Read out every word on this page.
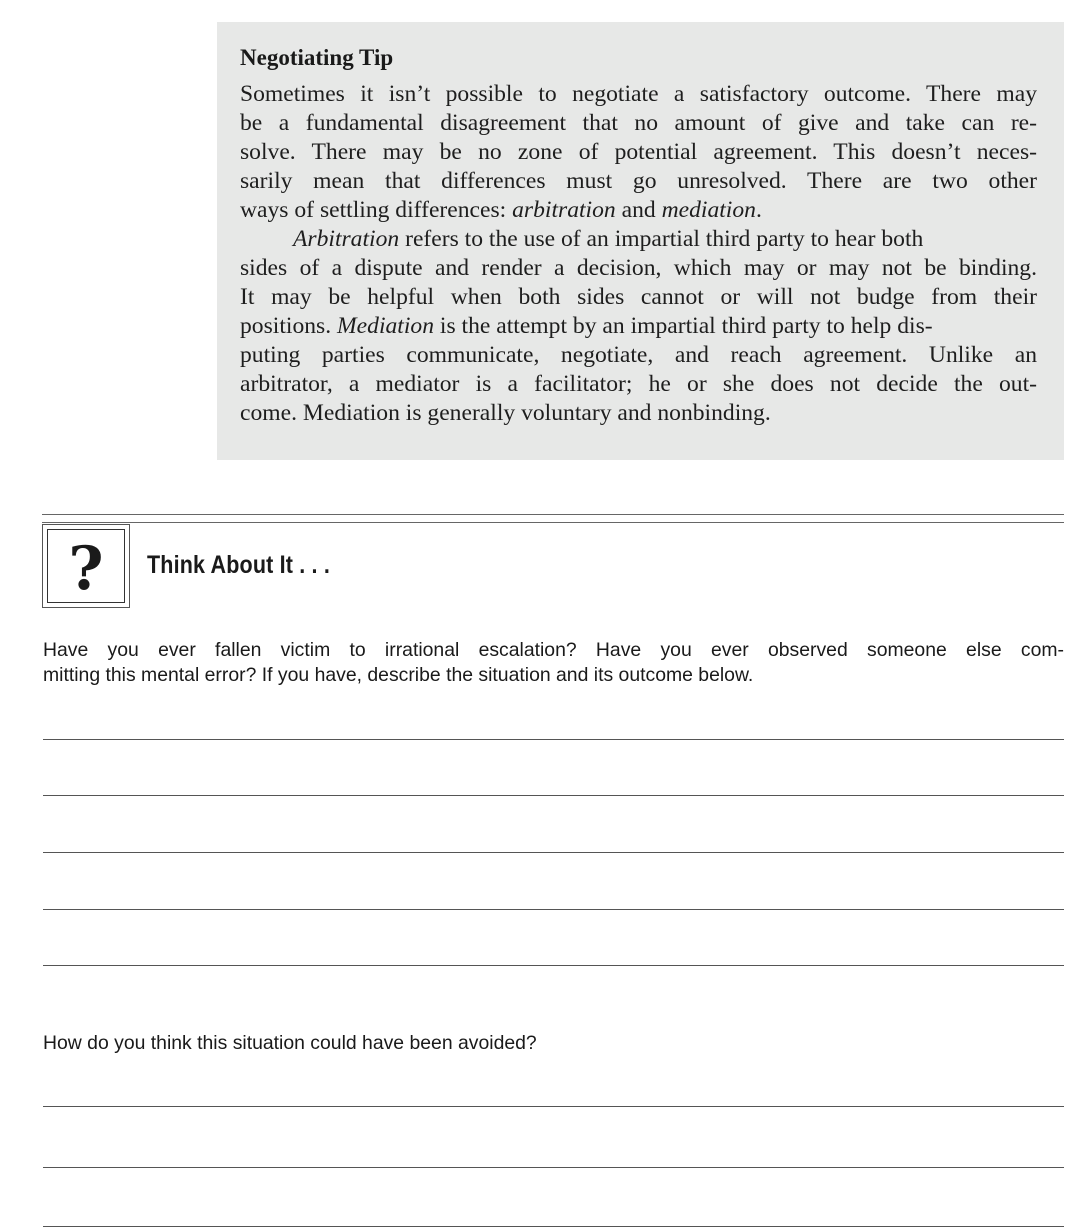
Negotiating Tip
Sometimes it isn’t possible to negotiate a satisfactory outcome. There may
be a fundamental disagreement that no amount of give and take can re-
solve. There may be no zone of potential agreement. This doesn’t neces-
sarily mean that differences must go unresolved. There are two other
ways of settling differences: arbitration and mediation.
Arbitration refers to the use of an impartial third party to hear both
sides of a dispute and render a decision, which may or may not be binding.
It may be helpful when both sides cannot or will not budge from their
positions. Mediation is the attempt by an impartial third party to help dis-
puting parties communicate, negotiate, and reach agreement. Unlike an
arbitrator, a mediator is a facilitator; he or she does not decide the out-
come. Mediation is generally voluntary and nonbinding.
?	Think About It . . .
Have you ever fallen victim to irrational escalation? Have you ever observed someone else com-
mitting this mental error? If you have, describe the situation and its outcome below.
How do you think this situation could have been avoided?
